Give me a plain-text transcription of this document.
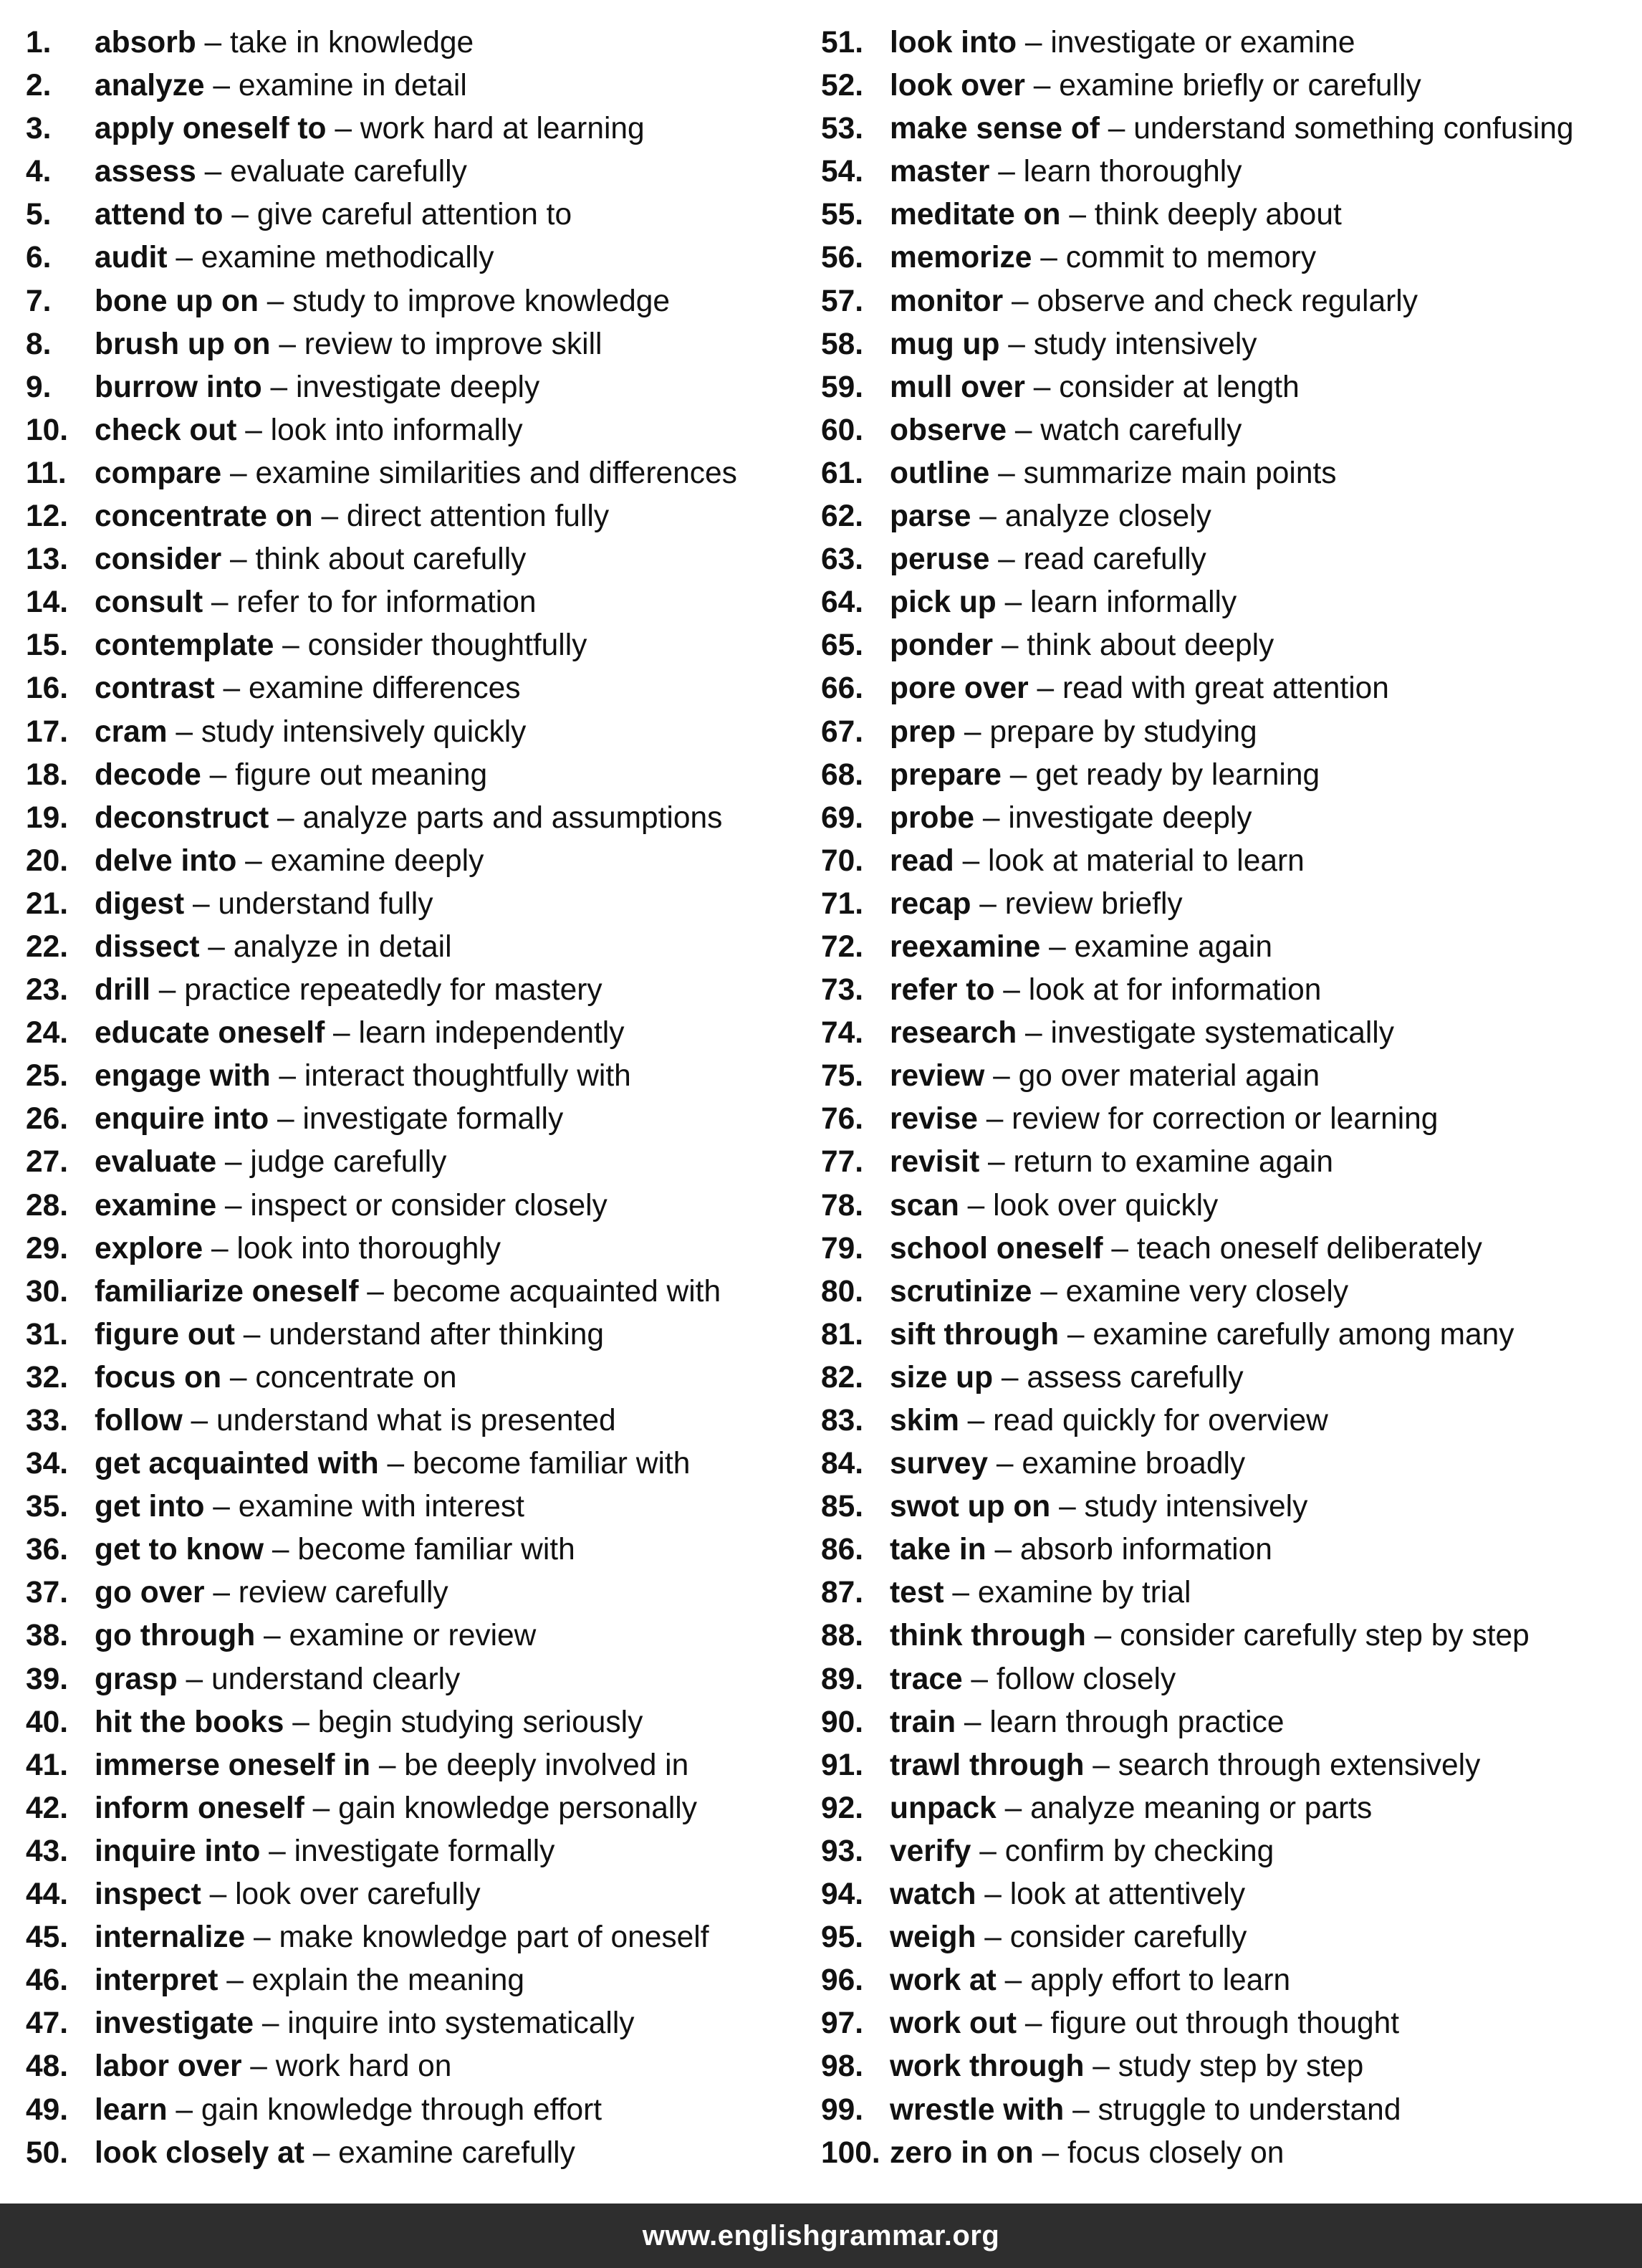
1.	absorb – take in knowledge
2.	analyze – examine in detail
3.	apply oneself to – work hard at learning
4.	assess – evaluate carefully
5.	attend to – give careful attention to
6.	audit – examine methodically
7.	bone up on – study to improve knowledge
8.	brush up on – review to improve skill
9.	burrow into – investigate deeply
10. check out – look into informally
11. compare – examine similarities and differences
12. concentrate on – direct attention fully
13. consider – think about carefully
14. consult – refer to for information
15. contemplate – consider thoughtfully
16. contrast – examine differences
17. cram – study intensively quickly
18. decode – figure out meaning
19. deconstruct – analyze parts and assumptions
20. delve into – examine deeply
21. digest – understand fully
22. dissect – analyze in detail
23. drill – practice repeatedly for mastery
24. educate oneself – learn independently
25. engage with – interact thoughtfully with
26. enquire into – investigate formally
27. evaluate – judge carefully
28. examine – inspect or consider closely
29. explore – look into thoroughly
30. familiarize oneself – become acquainted with
31. figure out – understand after thinking
32. focus on – concentrate on
33. follow – understand what is presented
34. get acquainted with – become familiar with
35. get into – examine with interest
36. get to know – become familiar with
37. go over – review carefully
38. go through – examine or review
39. grasp – understand clearly
40. hit the books – begin studying seriously
41. immerse oneself in – be deeply involved in
42. inform oneself – gain knowledge personally
43. inquire into – investigate formally
44. inspect – look over carefully
45. internalize – make knowledge part of oneself
46. interpret – explain the meaning
47. investigate – inquire into systematically
48. labor over – work hard on
49. learn – gain knowledge through effort
50. look closely at – examine carefully
51. look into – investigate or examine
52. look over – examine briefly or carefully
53. make sense of – understand something confusing
54. master – learn thoroughly
55. meditate on – think deeply about
56. memorize – commit to memory
57. monitor – observe and check regularly
58. mug up – study intensively
59. mull over – consider at length
60. observe – watch carefully
61. outline – summarize main points
62. parse – analyze closely
63. peruse – read carefully
64. pick up – learn informally
65. ponder – think about deeply
66. pore over – read with great attention
67. prep – prepare by studying
68. prepare – get ready by learning
69. probe – investigate deeply
70. read – look at material to learn
71. recap – review briefly
72. reexamine – examine again
73. refer to – look at for information
74. research – investigate systematically
75. review – go over material again
76. revise – review for correction or learning
77. revisit – return to examine again
78. scan – look over quickly
79. school oneself – teach oneself deliberately
80. scrutinize – examine very closely
81. sift through – examine carefully among many
82. size up – assess carefully
83. skim – read quickly for overview
84. survey – examine broadly
85. swot up on – study intensively
86. take in – absorb information
87. test – examine by trial
88. think through – consider carefully step by step
89. trace – follow closely
90. train – learn through practice
91. trawl through – search through extensively
92. unpack – analyze meaning or parts
93. verify – confirm by checking
94. watch – look at attentively
95. weigh – consider carefully
96. work at – apply effort to learn
97. work out – figure out through thought
98. work through – study step by step
99. wrestle with – struggle to understand
100. zero in on – focus closely on
www.englishgrammar.org
